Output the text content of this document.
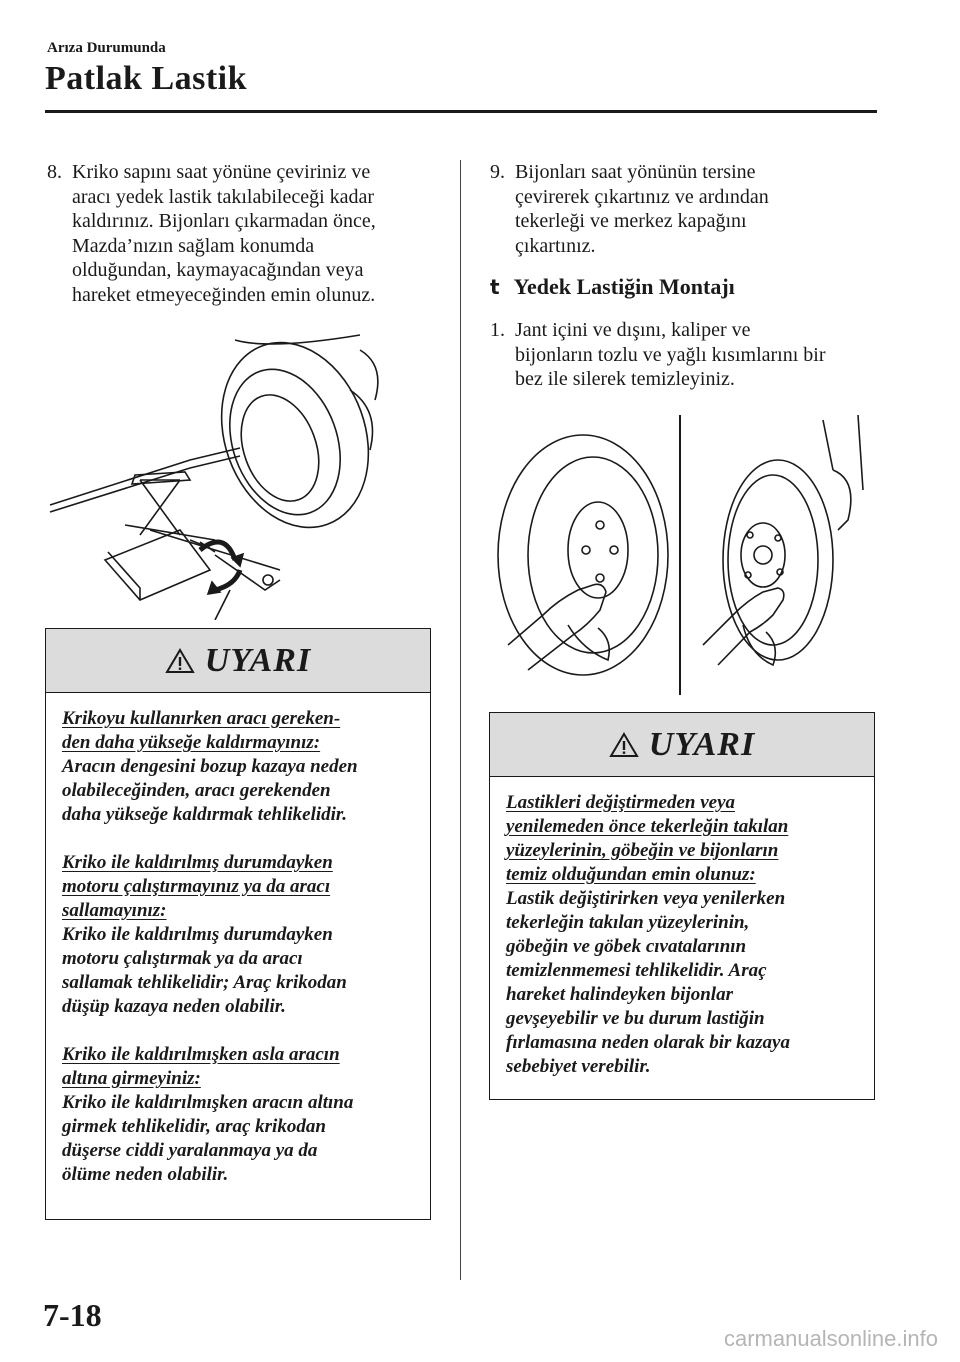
Arıza Durumunda
Patlak Lastik
8. Kriko sapını saat yönüne çeviriniz ve
aracı yedek lastik takılabileceği kadar
kaldırınız. Bijonları çıkarmadan önce,
Mazda’nızın sağlam konumda
olduğundan, kaymayacağından veya
hareket etmeyeceğinden emin olunuz.
UYARI
Krikoyu kullanırken aracı gereken-
den daha yükseğe kaldırmayınız:
Aracın dengesini bozup kazaya neden
olabileceğinden, aracı gerekenden
daha yükseğe kaldırmak tehlikelidir.
Kriko ile kaldırılmış durumdayken
motoru çalıştırmayınız ya da aracı
sallamayınız:
Kriko ile kaldırılmış durumdayken
motoru çalıştırmak ya da aracı
sallamak tehlikelidir; Araç krikodan
düşüp kazaya neden olabilir.
Kriko ile kaldırılmışken asla aracın
altına girmeyiniz:
Kriko ile kaldırılmışken aracın altına
girmek tehlikelidir, araç krikodan
düşerse ciddi yaralanmaya ya da
ölüme neden olabilir.
9. Bijonları saat yönünün tersine
çevirerek çıkartınız ve ardından
tekerleği ve merkez kapağını
çıkartınız.
t Yedek Lastiğin Montajı
1. Jant içini ve dışını, kaliper ve
bijonların tozlu ve yağlı kısımlarını bir
bez ile silerek temizleyiniz.
UYARI
Lastikleri değiştirmeden veya
yenilemeden önce tekerleğin takılan
yüzeylerinin, göbeğin ve bijonların
temiz olduğundan emin olunuz:
Lastik değiştirirken veya yenilerken
tekerleğin takılan yüzeylerinin,
göbeğin ve göbek cıvatalarının
temizlenmemesi tehlikelidir. Araç
hareket halindeyken bijonlar
gevşeyebilir ve bu durum lastiğin
fırlamasına neden olarak bir kazaya
sebebiyet verebilir.
7-18
carmanualsonline.info
